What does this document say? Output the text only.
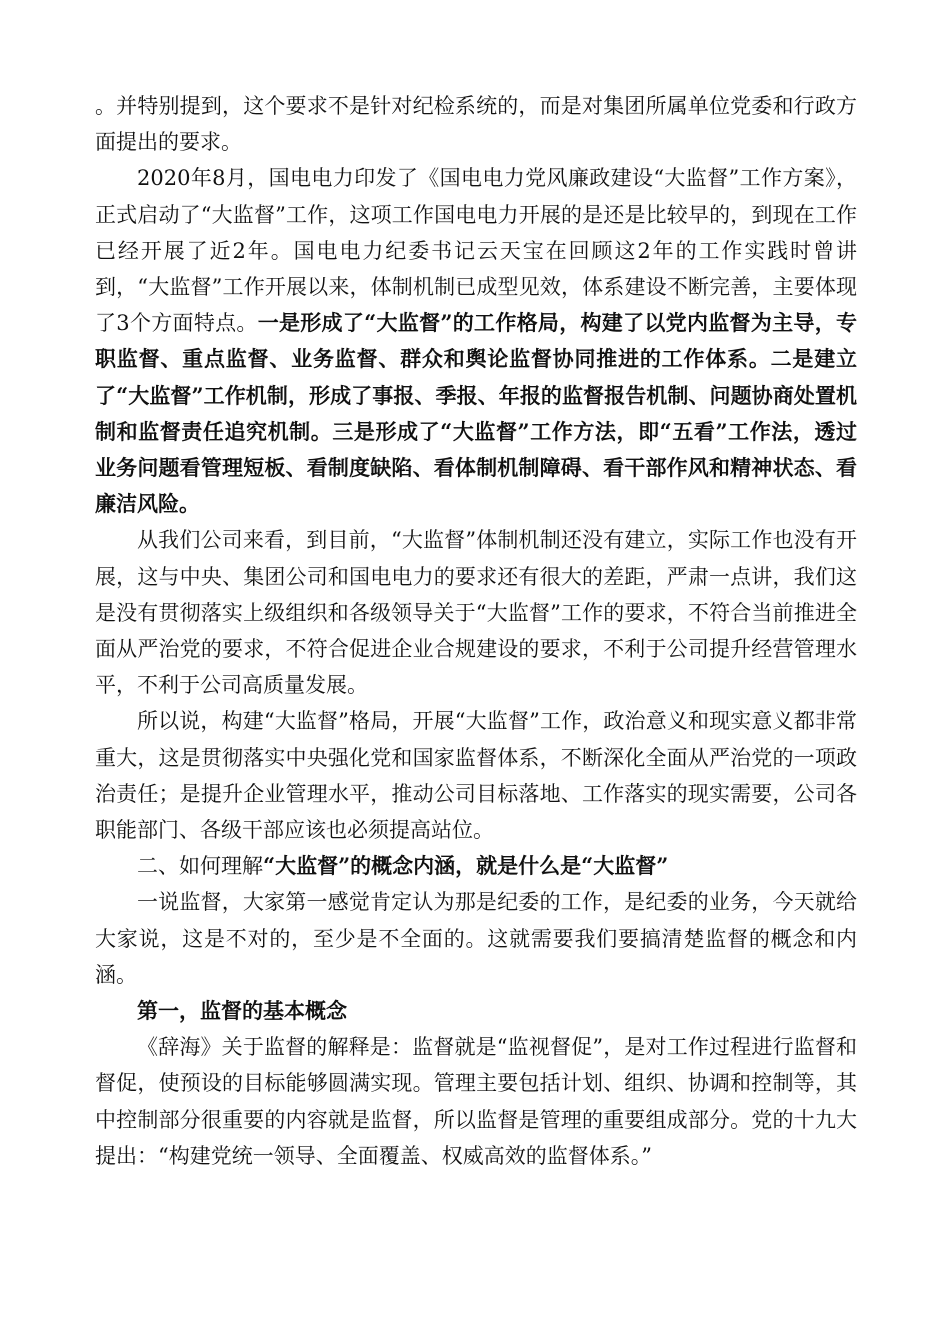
。并特别提到，这个要求不是针对纪检系统的，而是对集团所属单位党委和行政方面提出的要求。

2020年8月，国电电力印发了《国电电力党风廉政建设“大监督”工作方案》，正式启动了“大监督”工作，这项工作国电电力开展的是还是比较早的，到现在工作已经开展了近2年。国电电力纪委书记云天宝在回顾这2年的工作实践时曾讲到，“大监督”工作开展以来，体制机制已成型见效，体系建设不断完善，主要体现了3个方面特点。一是形成了“大监督”的工作格局，构建了以党内监督为主导，专职监督、重点监督、业务监督、群众和舆论监督协同推进的工作体系。二是建立了“大监督”工作机制，形成了事报、季报、年报的监督报告机制、问题协商处置机制和监督责任追究机制。三是形成了“大监督”工作方法，即“五看”工作法，透过业务问题看管理短板、看制度缺陷、看体制机制障碍、看干部作风和精神状态、看廉洁风险。

从我们公司来看，到目前，“大监督”体制机制还没有建立，实际工作也没有开展，这与中央、集团公司和国电电力的要求还有很大的差距，严肃一点讲，我们这是没有贯彻落实上级组织和各级领导关于“大监督”工作的要求，不符合当前推进全面从严治党的要求，不符合促进企业合规建设的要求，不利于公司提升经营管理水平，不利于公司高质量发展。

所以说，构建“大监督”格局，开展“大监督”工作，政治意义和现实意义都非常重大，这是贯彻落实中央强化党和国家监督体系，不断深化全面从严治党的一项政治责任；是提升企业管理水平，推动公司目标落地、工作落实的现实需要，公司各职能部门、各级干部应该也必须提高站位。

二、如何理解“大监督”的概念内涵，就是什么是“大监督”

一说监督，大家第一感觉肯定认为那是纪委的工作，是纪委的业务，今天就给大家说，这是不对的，至少是不全面的。这就需要我们要搞清楚监督的概念和内涵。

第一，监督的基本概念

《辞海》关于监督的解释是：监督就是“监视督促”，是对工作过程进行监督和督促，使预设的目标能够圆满实现。管理主要包括计划、组织、协调和控制等，其中控制部分很重要的内容就是监督，所以监督是管理的重要组成部分。党的十九大提出：“构建党统一领导、全面覆盖、权威高效的监督体系。”
